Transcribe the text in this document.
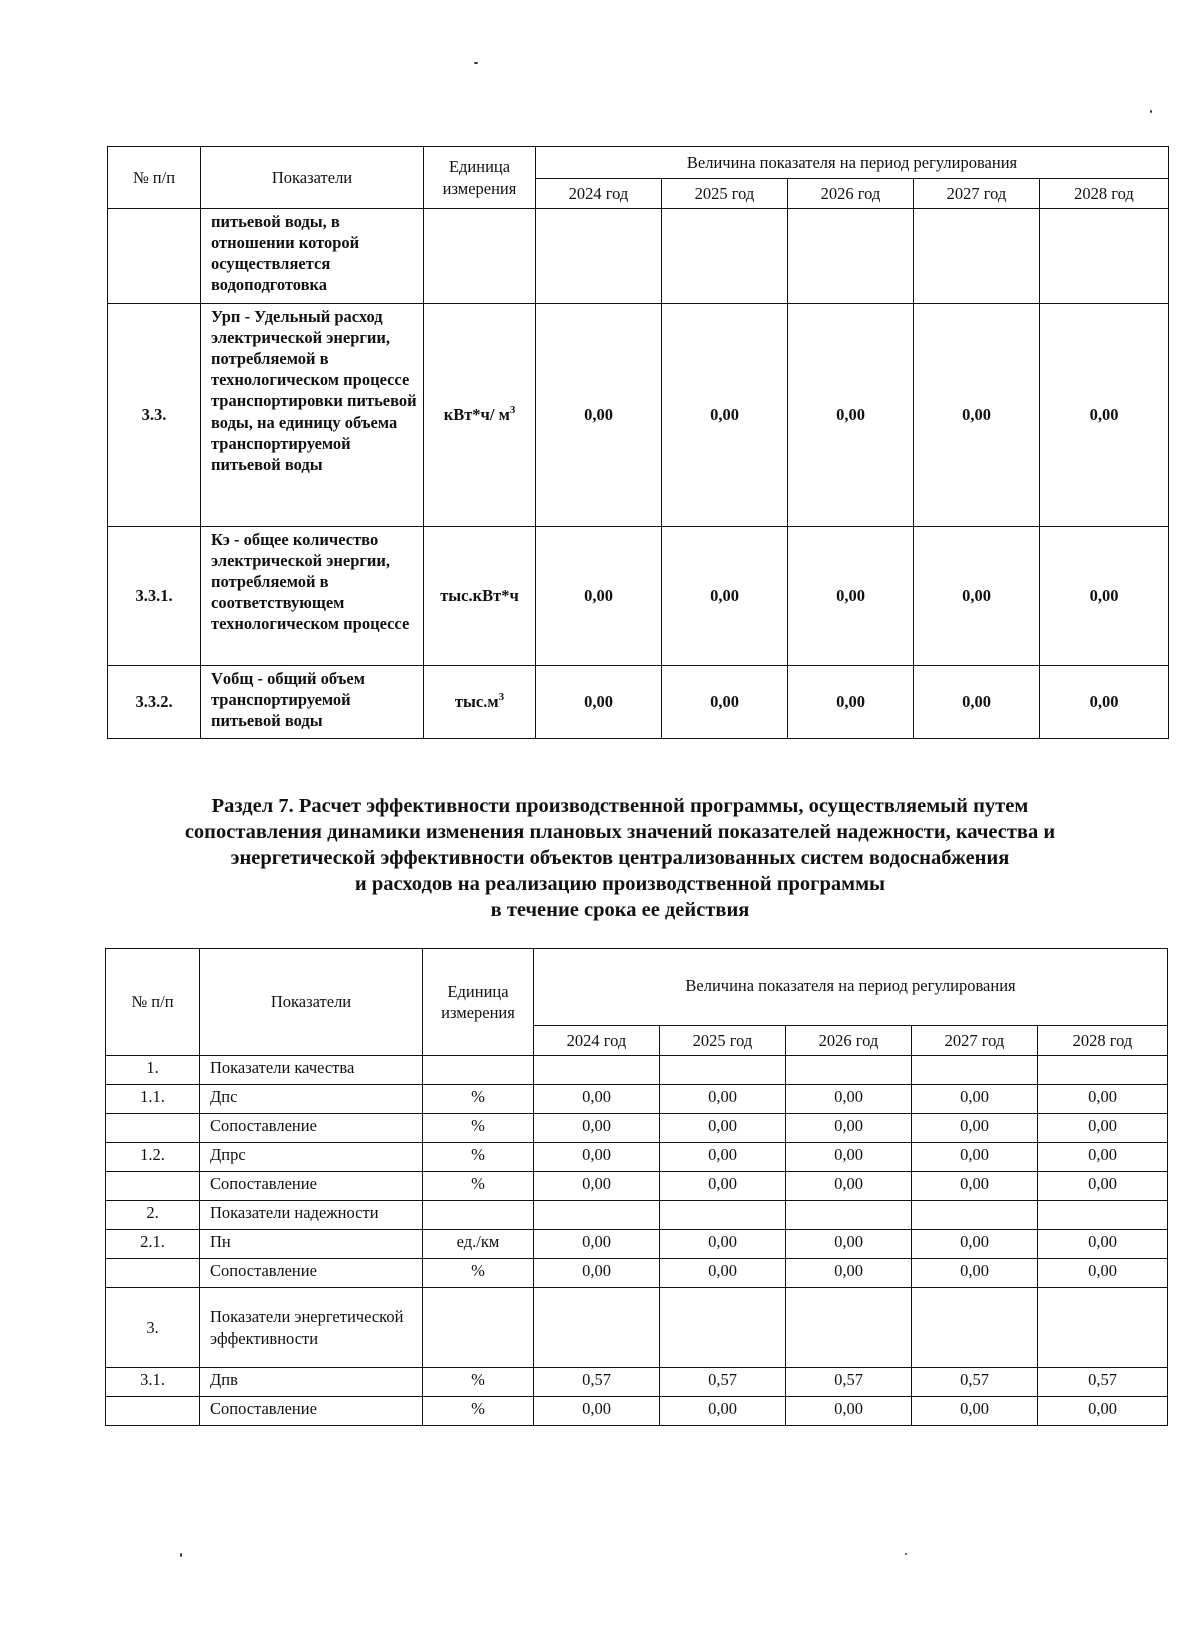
№ п/п	Показатели	Единица измерения	Величина показателя на период регулирования				
			2024 год	2025 год	2026 год	2027 год	2028 год
	питьевой воды, в отношении которой осуществляется водоподготовка						
3.3.	Урп - Удельный расход электрической энергии, потребляемой в технологическом процессе транспортировки питьевой воды, на единицу объема транспортируемой питьевой воды	кВт*ч/ $м^3$	0,00	0,00	0,00	0,00	0,00
3.3.1.	Кэ - общее количество электрической энергии, потребляемой в соответствующем технологическом процессе	тыс.кВт*ч	0,00	0,00	0,00	0,00	0,00
3.3.2.	Vобщ - общий объем транспортируемой питьевой воды	$тыс.м^3$	0,00	0,00	0,00	0,00	0,00
Раздел 7. Расчет эффективности производственной программы, осуществляемый путем
сопоставления динамики изменения плановых значений показателей надежности, качества и
энергетической эффективности объектов централизованных систем водоснабжения
и расходов на реализацию производственной программы
в течение срока ее действия
№ п/п	Показатели	Единица измерения	Величина показателя на период регулирования				
			2024 год	2025 год	2026 год	2027 год	2028 год
1.	Показатели качества						
1.1.	Дпс	%	0,00	0,00	0,00	0,00	0,00
	Сопоставление	%	0,00	0,00	0,00	0,00	0,00
1.2.	Дпрс	%	0,00	0,00	0,00	0,00	0,00
	Сопоставление	%	0,00	0,00	0,00	0,00	0,00
2.	Показатели надежности						
2.1.	Пн	ед./км	0,00	0,00	0,00	0,00	0,00
	Сопоставление	%	0,00	0,00	0,00	0,00	0,00
3.	Показатели энергетической эффективности						
3.1.	Дпв	%	0,57	0,57	0,57	0,57	0,57
	Сопоставление	%	0,00	0,00	0,00	0,00	0,00
